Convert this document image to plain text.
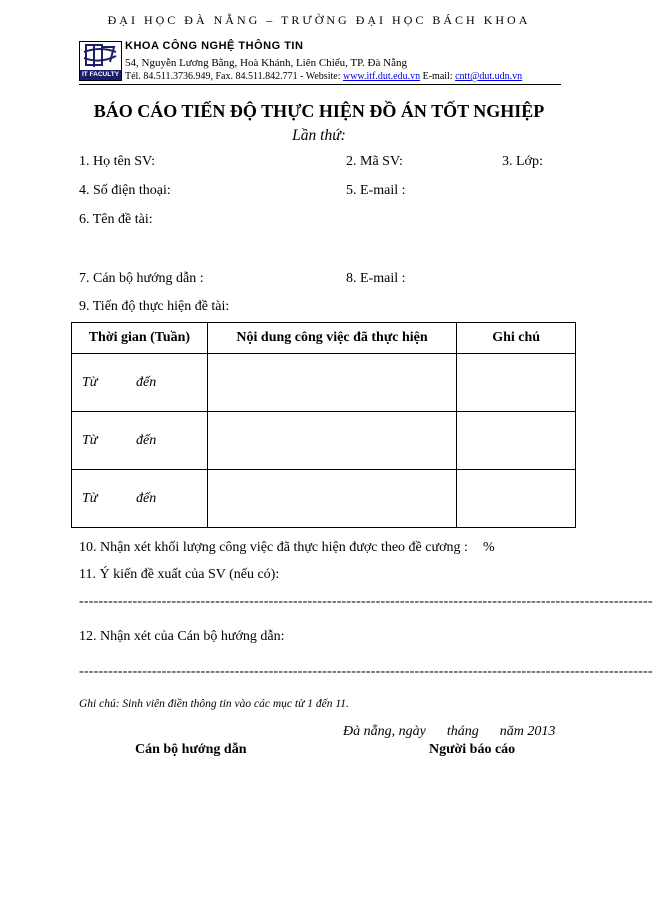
ĐẠI HỌC ĐÀ NẴNG – TRƯỜNG ĐẠI HỌC BÁCH KHOA
IT FACULTY
KHOA CÔNG NGHỆ THÔNG TIN
54, Nguyễn Lương Bằng, Hoà Khánh, Liên Chiểu, TP. Đà Nẵng
Tél. 84.511.3736.949, Fax. 84.511.842.771 - Website: www.itf.dut.edu.vn E-mail: cntt@dut.udn.vn
BÁO CÁO TIẾN ĐỘ THỰC HIỆN ĐỒ ÁN TỐT NGHIỆP
Lần thứ:
1. Họ tên SV:	2. Mã SV:	3. Lớp:
4. Số điện thoại:	5. E-mail :
6. Tên đề tài:
7. Cán bộ hướng dẫn :	8. E-mail :
9. Tiến độ thực hiện đề tài:
Thời gian (Tuần)	Nội dung công việc đã thực hiện	Ghi chú
Từ đến		
Từ đến		
Từ đến		
10. Nhận xét khối lượng công việc đã thực hiện được theo đề cương : %
11. Ý kiến đề xuất của SV (nếu có):
----------------------------------------------------------------------------------------------------------------------
12. Nhận xét của Cán bộ hướng dẫn:
----------------------------------------------------------------------------------------------------------------------
Ghi chú: Sinh viên điền thông tin vào các mục từ 1 đến 11.
Đà nẵng, ngày      tháng      năm 2013
Cán bộ hướng dẫn	Người báo cáo
